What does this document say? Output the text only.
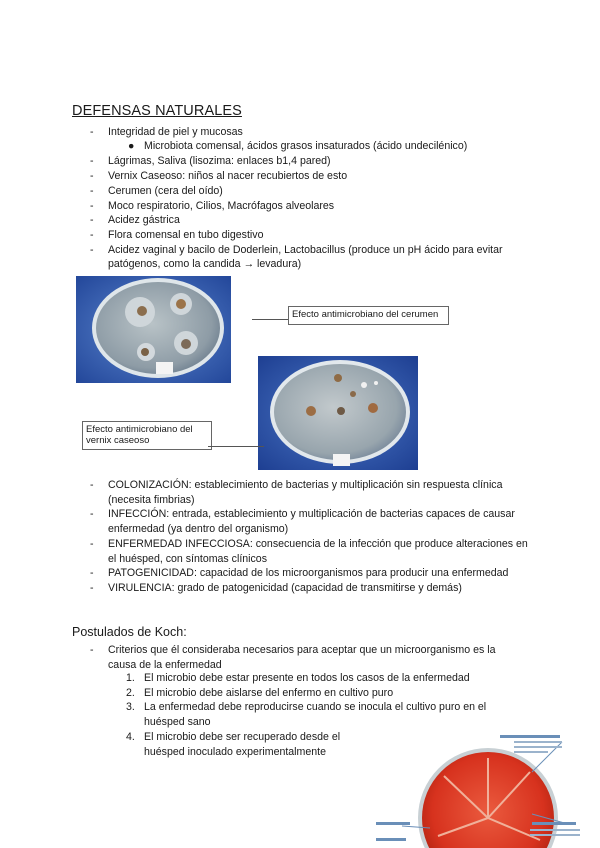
DEFENSAS NATURALES
- Integridad de piel y mucosas
- Lágrimas, Saliva (lisozima: enlaces b1,4 pared)
- Vernix Caseoso: niños al nacer recubiertos de esto
- Cerumen (cera del oído)
- Moco respiratorio, Cilios, Macrófagos alveolares
- Acidez gástrica
- Flora comensal en tubo digestivo
- Acidez vaginal y bacilo de Doderlein, Lactobacillus (produce un pH ácido para evitar patógenos, como la candida → levadura)
● Microbiota comensal, ácidos grasos insaturados (ácido undecilénico)
Efecto antimicrobiano del cerumen
Efecto antimicrobiano del vernix caseoso
- COLONIZACIÓN: establecimiento de bacterias y multiplicación sin respuesta clínica (necesita fimbrias)
- INFECCIÓN: entrada, establecimiento y multiplicación de bacterias capaces de causar enfermedad (ya dentro del organismo)
- ENFERMEDAD INFECCIOSA: consecuencia de la infección que produce alteraciones en el huésped, con síntomas clínicos
- PATOGENICIDAD: capacidad de los microorganismos para producir una enfermedad
- VIRULENCIA: grado de patogenicidad (capacidad de transmitirse y demás)
Postulados de Koch:
- Criterios que él consideraba necesarios para aceptar que un microorganismo es la causa de la enfermedad
1. El microbio debe estar presente en todos los casos de la enfermedad
2. El microbio debe aislarse del enfermo en cultivo puro
3. La enfermedad debe reproducirse cuando se inocula el cultivo puro en el huésped sano
4. El microbio debe ser recuperado desde el huésped inoculado experimentalmente
